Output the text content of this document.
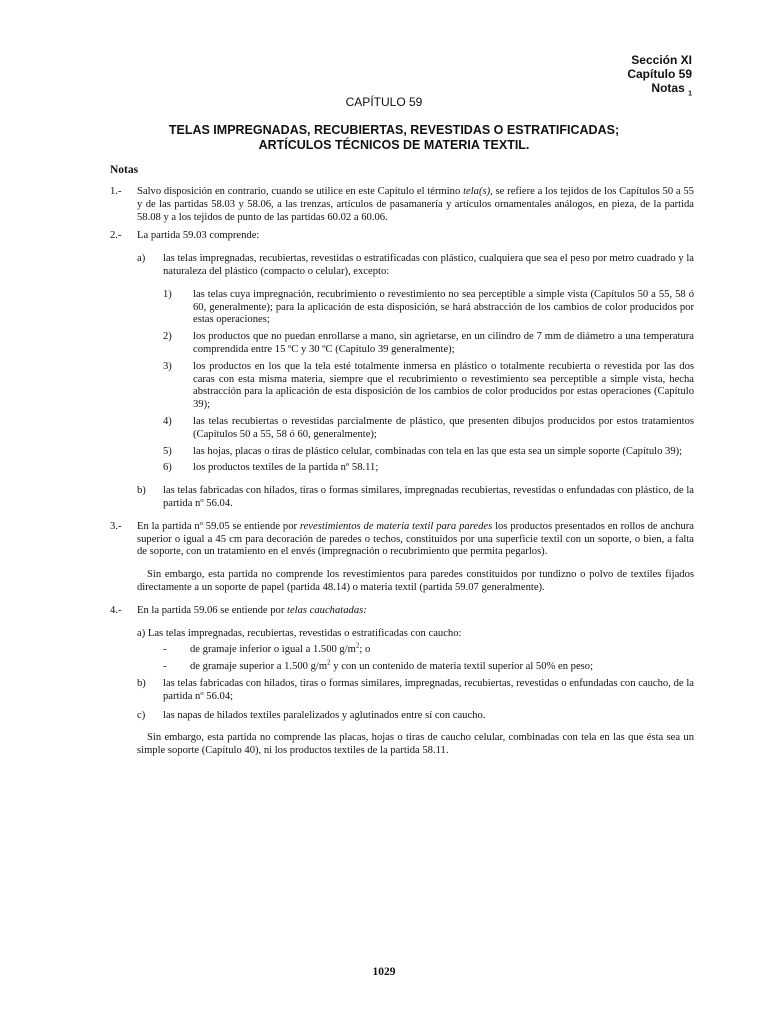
Sección XI
Capítulo 59
Notas $_1$
CAPÍTULO 59
TELAS IMPREGNADAS, RECUBIERTAS, REVESTIDAS O ESTRATIFICADAS;
ARTÍCULOS TÉCNICOS DE MATERIA TEXTIL.
Notas
1.- Salvo disposición en contrario, cuando se utilice en este Capítulo el término tela(s), se refiere a los tejidos de los Capítulos 50 a 55 y de las partidas 58.03 y 58.06, a las trenzas, artículos de pasamanería y artículos ornamentales análogos, en pieza, de la partida 58.08 y a los tejidos de punto de las partidas 60.02 a 60.06.
2.- La partida 59.03 comprende:
a) las telas impregnadas, recubiertas, revestidas o estratificadas con plástico, cualquiera que sea el peso por metro cuadrado y la naturaleza del plástico (compacto o celular), excepto:
1) las telas cuya impregnación, recubrimiento o revestimiento no sea perceptible a simple vista (Capítulos 50 a 55, 58 ó 60, generalmente); para la aplicación de esta disposición, se hará abstracción de los cambios de color producidos por estas operaciones;
2) los productos que no puedan enrollarse a mano, sin agrietarse, en un cilindro de 7 mm de diámetro a una temperatura comprendida entre 15 ºC y 30 ºC (Capítulo 39 generalmente);
3) los productos en los que la tela esté totalmente inmersa en plástico o totalmente recubierta o revestida por las dos caras con esta misma materia, siempre que el recubrimiento o revestimiento sea perceptible a simple vista, hecha abstracción para la aplicación de esta disposición de los cambios de color producidos por estas operaciones (Capítulo 39);
4) las telas recubiertas o revestidas parcialmente de plástico, que presenten dibujos producidos por estos tratamientos (Capítulos 50 a 55, 58 ó 60, generalmente);
5) las hojas, placas o tiras de plástico celular, combinadas con tela en las que esta sea un simple soporte (Capítulo 39);
6) los productos textiles de la partida nº 58.11;
b) las telas fabricadas con hilados, tiras o formas similares, impregnadas recubiertas, revestidas o enfundadas con plástico, de la partida nº 56.04.
3.- En la partida nº 59.05 se entiende por revestimientos de materia textil para paredes los productos presentados en rollos de anchura superior o igual a 45 cm para decoración de paredes o techos, constituidos por una superficie textil con un soporte, o bien, a falta de soporte, con un tratamiento en el envés (impregnación o recubrimiento que permita pegarlos).
Sin embargo, esta partida no comprende los revestimientos para paredes constituidos por tundizno o polvo de textiles fijados directamente a un soporte de papel (partida 48.14) o materia textil (partida 59.07 generalmente).
4.- En la partida 59.06 se entiende por telas cauchatadas:
a) Las telas impregnadas, recubiertas, revestidas o estratificadas con caucho:
- de gramaje inferior o igual a 1.500 $g/m^2$; o
- de gramaje superior a 1.500 $g/m^2$ y con un contenido de materia textil superior al 50% en peso;
b) las telas fabricadas con hilados, tiras o formas similares, impregnadas, recubiertas, revestidas o enfundadas con caucho, de la partida nº 56.04;
c) las napas de hilados textiles paralelizados y aglutinados entre sí con caucho.
Sin embargo, esta partida no comprende las placas, hojas o tiras de caucho celular, combinadas con tela en las que ésta sea un simple soporte (Capítulo 40), ni los productos textiles de la partida 58.11.
1029
